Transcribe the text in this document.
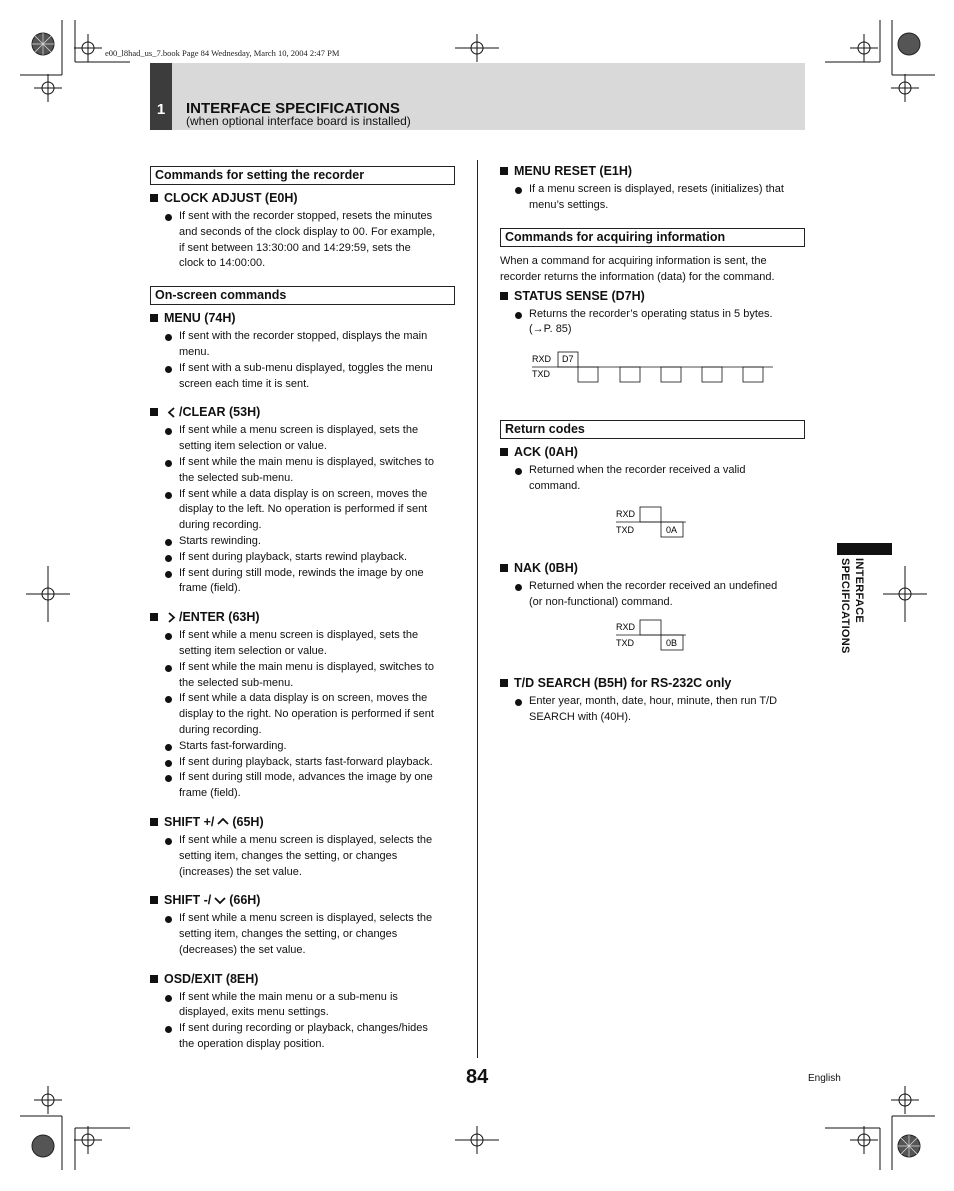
e00_l8had_us_7.book Page 84 Wednesday, March 10, 2004 2:47 PM
1	INTERFACE SPECIFICATIONS
(when optional interface board is installed)
Commands for setting the recorder
CLOCK ADJUST (E0H)
If sent with the recorder stopped, resets the minutes
and seconds of the clock display to 00. For example,
if sent between 13:30:00 and 14:29:59, sets the
clock to 14:00:00.
On-screen commands
MENU (74H)
If sent with the recorder stopped, displays the main
menu.
If sent with a sub-menu displayed, toggles the menu
screen each time it is sent.
/CLEAR (53H)
If sent while a menu screen is displayed, sets the
setting item selection or value.
If sent while the main menu is displayed, switches to
the selected sub-menu.
If sent while a data display is on screen, moves the
display to the left. No operation is performed if sent
during recording.
Starts rewinding.
If sent during playback, starts rewind playback.
If sent during still mode, rewinds the image by one
frame (field).
/ENTER (63H)
If sent while a menu screen is displayed, sets the
setting item selection or value.
If sent while the main menu is displayed, switches to
the selected sub-menu.
If sent while a data display is on screen, moves the
display to the right. No operation is performed if sent
during recording.
Starts fast-forwarding.
If sent during playback, starts fast-forward playback.
If sent during still mode, advances the image by one
frame (field).
SHIFT +/ (65H)
If sent while a menu screen is displayed, selects the
setting item, changes the setting, or changes
(increases) the set value.
SHIFT -/ (66H)
If sent while a menu screen is displayed, selects the
setting item, changes the setting, or changes
(decreases) the set value.
OSD/EXIT (8EH)
If sent while the main menu or a sub-menu is
displayed, exits menu settings.
If sent during recording or playback, changes/hides
the operation display position.
MENU RESET (E1H)
If a menu screen is displayed, resets (initializes) that
menu’s settings.
Commands for acquiring information
When a command for acquiring information is sent, the
recorder returns the information (data) for the command.
STATUS SENSE (D7H)
Returns the recorder’s operating status in 5 bytes.
(→P. 85)
RXD D7
TXD
Return codes
ACK (0AH)
Returned when the recorder received a valid
command.
RXD
TXD	0A
NAK (0BH)
Returned when the recorder received an undefined
(or non-functional) command.
RXD
TXD	0B
T/D SEARCH (B5H) for RS-232C only
Enter year, month, date, hour, minute, then run T/D
SEARCH with (40H).
INTERFACE
SPECIFICATIONS
84	English
